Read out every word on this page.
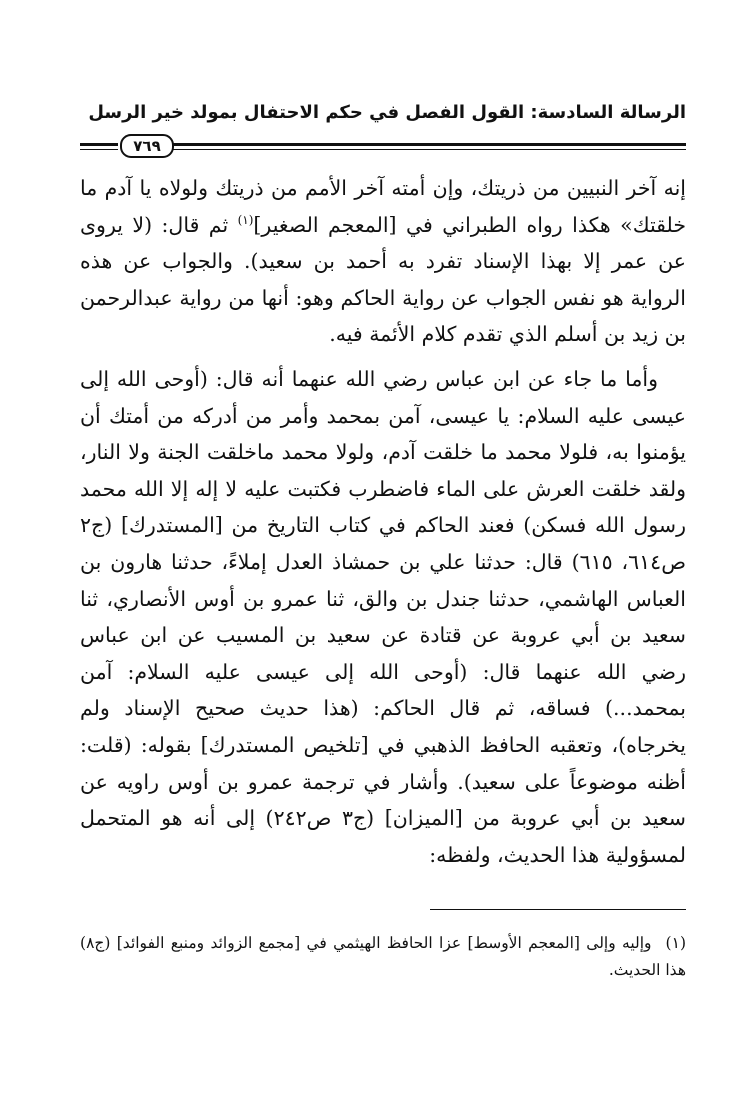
الرسالة السادسة: القول الفصل في حكم الاحتفال بمولد خير الرسل
٧٦٩

إنه آخر النبيين من ذريتك، وإن أمته آخر الأمم من ذريتك ولولاه يا آدم ما خلقتك» هكذا رواه الطبراني في [المعجم الصغير]$^{(١)}$ ثم قال: (لا يروى عن عمر إلا بهذا الإسناد تفرد به أحمد بن سعيد). والجواب عن هذه الرواية هو نفس الجواب عن رواية الحاكم وهو: أنها من رواية عبدالرحمن بن زيد بن أسلم الذي تقدم كلام الأئمة فيه.

وأما ما جاء عن ابن عباس رضي الله عنهما أنه قال: (أوحى الله إلى عيسى عليه السلام: يا عيسى، آمن بمحمد وأمر من أدركه من أمتك أن يؤمنوا به، فلولا محمد ما خلقت آدم، ولولا محمد ماخلقت الجنة ولا النار، ولقد خلقت العرش على الماء فاضطرب فكتبت عليه لا إله إلا الله محمد رسول الله فسكن) فعند الحاكم في كتاب التاريخ من [المستدرك] (ج٢ ص٦١٤، ٦١٥) قال: حدثنا علي بن حمشاذ العدل إملاءً، حدثنا هارون بن العباس الهاشمي، حدثنا جندل بن والق، ثنا عمرو بن أوس الأنصاري، ثنا سعيد بن أبي عروبة عن قتادة عن سعيد بن المسيب عن ابن عباس رضي الله عنهما قال: (أوحى الله إلى عيسى عليه السلام: آمن بمحمد...) فساقه، ثم قال الحاكم: (هذا حديث صحيح الإسناد ولم يخرجاه)، وتعقبه الحافظ الذهبي في [تلخيص المستدرك] بقوله: (قلت: أظنه موضوعاً على سعيد). وأشار في ترجمة عمرو بن أوس راويه عن سعيد بن أبي عروبة من [الميزان] (ج٣ ص٢٤٢) إلى أنه هو المتحمل لمسؤولية هذا الحديث، ولفظه:

(١)وإليه وإلى [المعجم الأوسط] عزا الحافظ الهيثمي في [مجمع الزوائد ومنبع الفوائد] (ج٨) هذا الحديث.
